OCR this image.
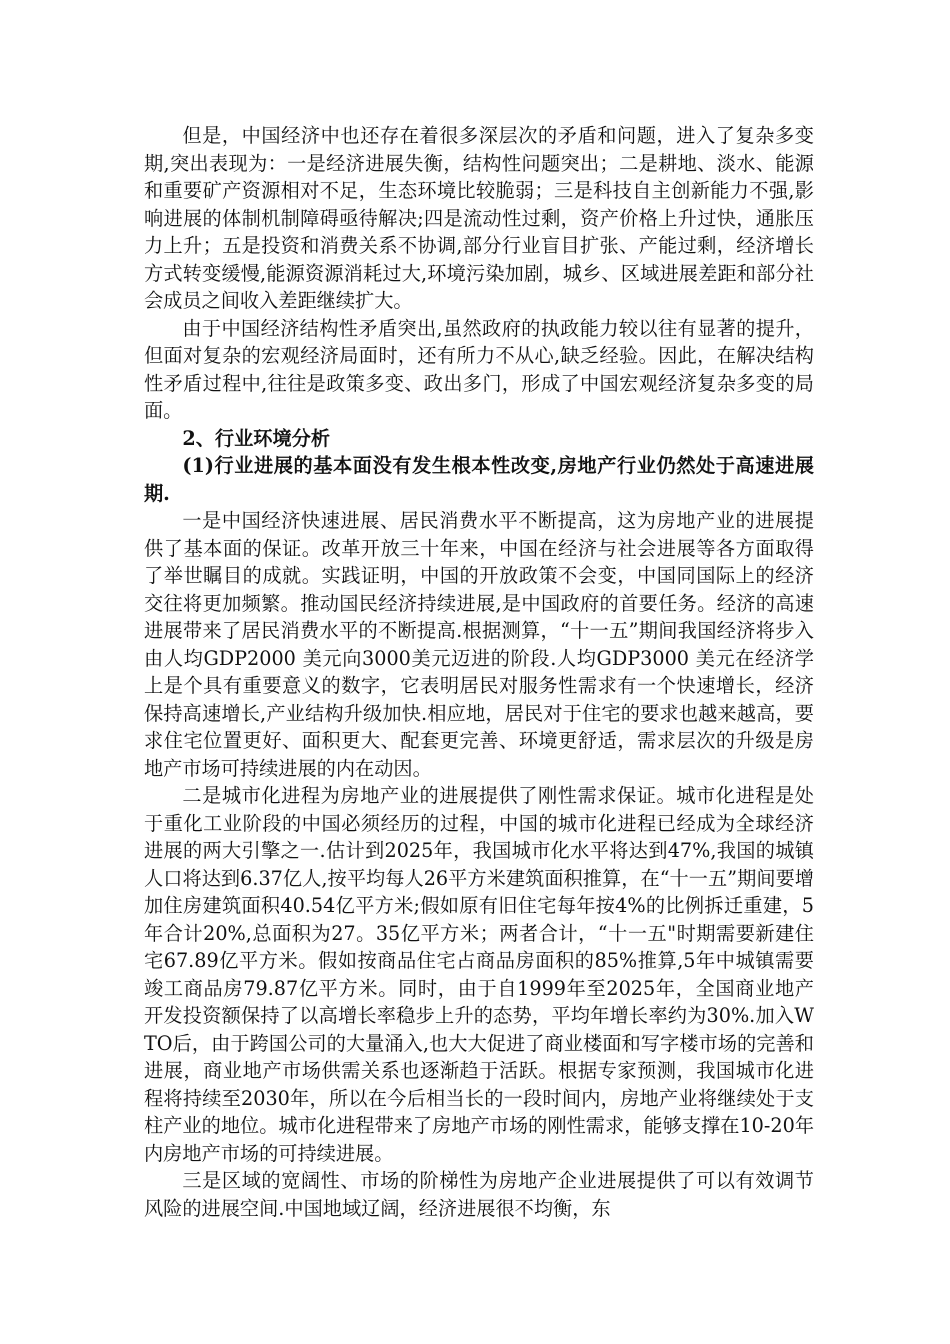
但是，中国经济中也还存在着很多深层次的矛盾和问题，进入了复杂多变期,突出表现为：一是经济进展失衡，结构性问题突出；二是耕地、淡水、能源和重要矿产资源相对不足，生态环境比较脆弱；三是科技自主创新能力不强,影响进展的体制机制障碍亟待解决;四是流动性过剩，资产价格上升过快，通胀压力上升；五是投资和消费关系不协调,部分行业盲目扩张、产能过剩，经济增长方式转变缓慢,能源资源消耗过大,环境污染加剧，城乡、区域进展差距和部分社会成员之间收入差距继续扩大。

由于中国经济结构性矛盾突出,虽然政府的执政能力较以往有显著的提升，但面对复杂的宏观经济局面时，还有所力不从心,缺乏经验。因此，在解决结构性矛盾过程中,往往是政策多变、政出多门，形成了中国宏观经济复杂多变的局面。

2、行业环境分析

(1)行业进展的基本面没有发生根本性改变,房地产行业仍然处于高速进展期.

一是中国经济快速进展、居民消费水平不断提高，这为房地产业的进展提供了基本面的保证。改革开放三十年来，中国在经济与社会进展等各方面取得了举世瞩目的成就。实践证明，中国的开放政策不会变，中国同国际上的经济交往将更加频繁。推动国民经济持续进展,是中国政府的首要任务。经济的高速进展带来了居民消费水平的不断提高.根据测算，“十一五”期间我国经济将步入由人均GDP2000 美元向3000美元迈进的阶段.人均GDP3000 美元在经济学上是个具有重要意义的数字，它表明居民对服务性需求有一个快速增长，经济保持高速增长,产业结构升级加快.相应地，居民对于住宅的要求也越来越高，要求住宅位置更好、面积更大、配套更完善、环境更舒适，需求层次的升级是房地产市场可持续进展的内在动因。

二是城市化进程为房地产业的进展提供了刚性需求保证。城市化进程是处于重化工业阶段的中国必须经历的过程，中国的城市化进程已经成为全球经济进展的两大引擎之一.估计到2025年，我国城市化水平将达到47%,我国的城镇人口将达到6.37亿人,按平均每人26平方米建筑面积推算，在“十一五”期间要增加住房建筑面积40.54亿平方米;假如原有旧住宅每年按4%的比例拆迁重建，5年合计20%,总面积为27。35亿平方米；两者合计，“十一五"时期需要新建住宅67.89亿平方米。假如按商品住宅占商品房面积的85%推算,5年中城镇需要竣工商品房79.87亿平方米。同时，由于自1999年至2025年，全国商业地产开发投资额保持了以高增长率稳步上升的态势，平均年增长率约为30%.加入WTO后，由于跨国公司的大量涌入,也大大促进了商业楼面和写字楼市场的完善和进展，商业地产市场供需关系也逐渐趋于活跃。根据专家预测，我国城市化进程将持续至2030年，所以在今后相当长的一段时间内，房地产业将继续处于支柱产业的地位。城市化进程带来了房地产市场的刚性需求，能够支撑在10-20年内房地产市场的可持续进展。

三是区域的宽阔性、市场的阶梯性为房地产企业进展提供了可以有效调节风险的进展空间.中国地域辽阔，经济进展很不均衡，东
